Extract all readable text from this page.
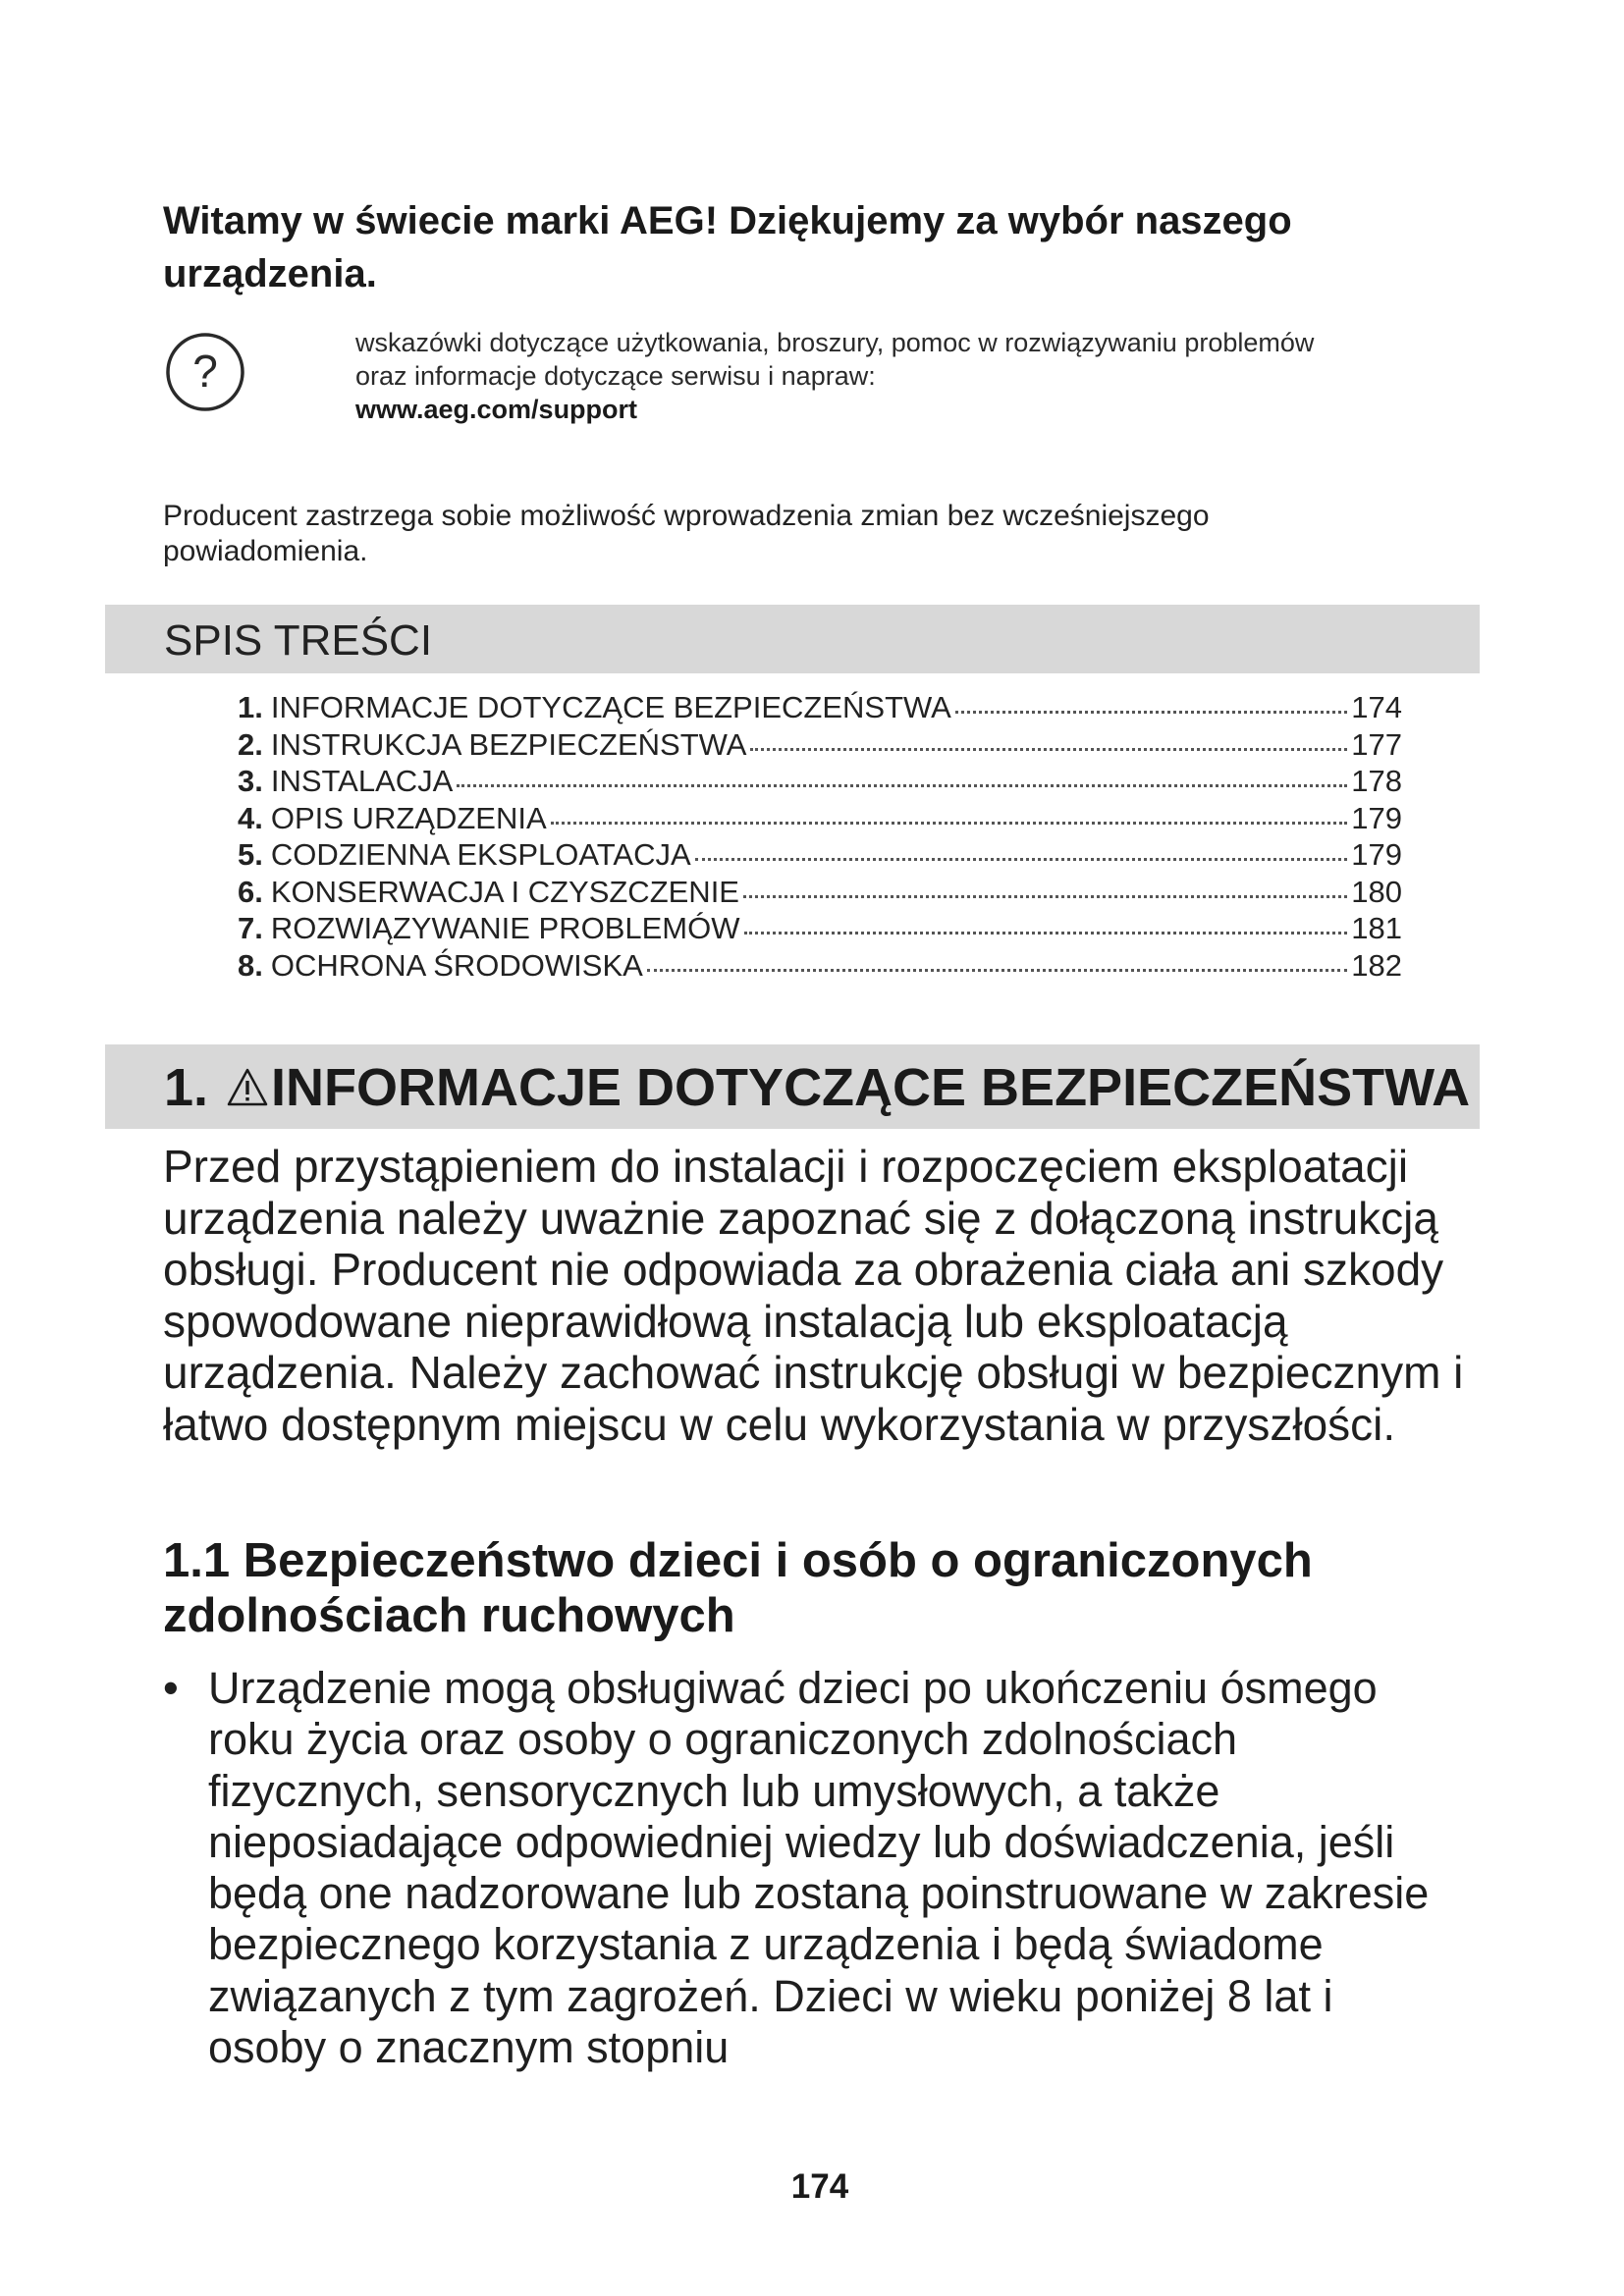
Witamy w świecie marki AEG! Dziękujemy za wybór naszego urządzenia.
?
wskazówki dotyczące użytkowania, broszury, pomoc w rozwiązywaniu problemów
oraz informacje dotyczące serwisu i napraw:
www.aeg.com/support

Producent zastrzega sobie możliwość wprowadzenia zmian bez wcześniejszego powiadomienia.

SPIS TREŚCI
1. INFORMACJE DOTYCZĄCE BEZPIECZEŃSTWA	174
2. INSTRUKCJA BEZPIECZEŃSTWA	177
3. INSTALACJA	178
4. OPIS URZĄDZENIA	179
5. CODZIENNA EKSPLOATACJA	179
6. KONSERWACJA I CZYSZCZENIE	180
7. ROZWIĄZYWANIE PROBLEMÓW	181
8. OCHRONA ŚRODOWISKA	182
1. INFORMACJE DOTYCZĄCE BEZPIECZEŃSTWA

Przed przystąpieniem do instalacji i rozpoczęciem eksploatacji urządzenia należy uważnie zapoznać się z dołączoną instrukcją obsługi. Producent nie odpowiada za obrażenia ciała ani szkody spowodowane nieprawidłową instalacją lub eksploatacją urządzenia. Należy zachować instrukcję obsługi w bezpiecznym i łatwo dostępnym miejscu w celu wykorzystania w przyszłości.

1.1 Bezpieczeństwo dzieci i osób o ograniczonych zdolnościach ruchowych
• Urządzenie mogą obsługiwać dzieci po ukończeniu ósmego roku życia oraz osoby o ograniczonych zdolnościach fizycznych, sensorycznych lub umysłowych, a także nieposiadające odpowiedniej wiedzy lub doświadczenia, jeśli będą one nadzorowane lub zostaną poinstruowane w zakresie bezpiecznego korzystania z urządzenia i będą świadome związanych z tym zagrożeń. Dzieci w wieku poniżej 8 lat i osoby o znacznym stopniu
174
